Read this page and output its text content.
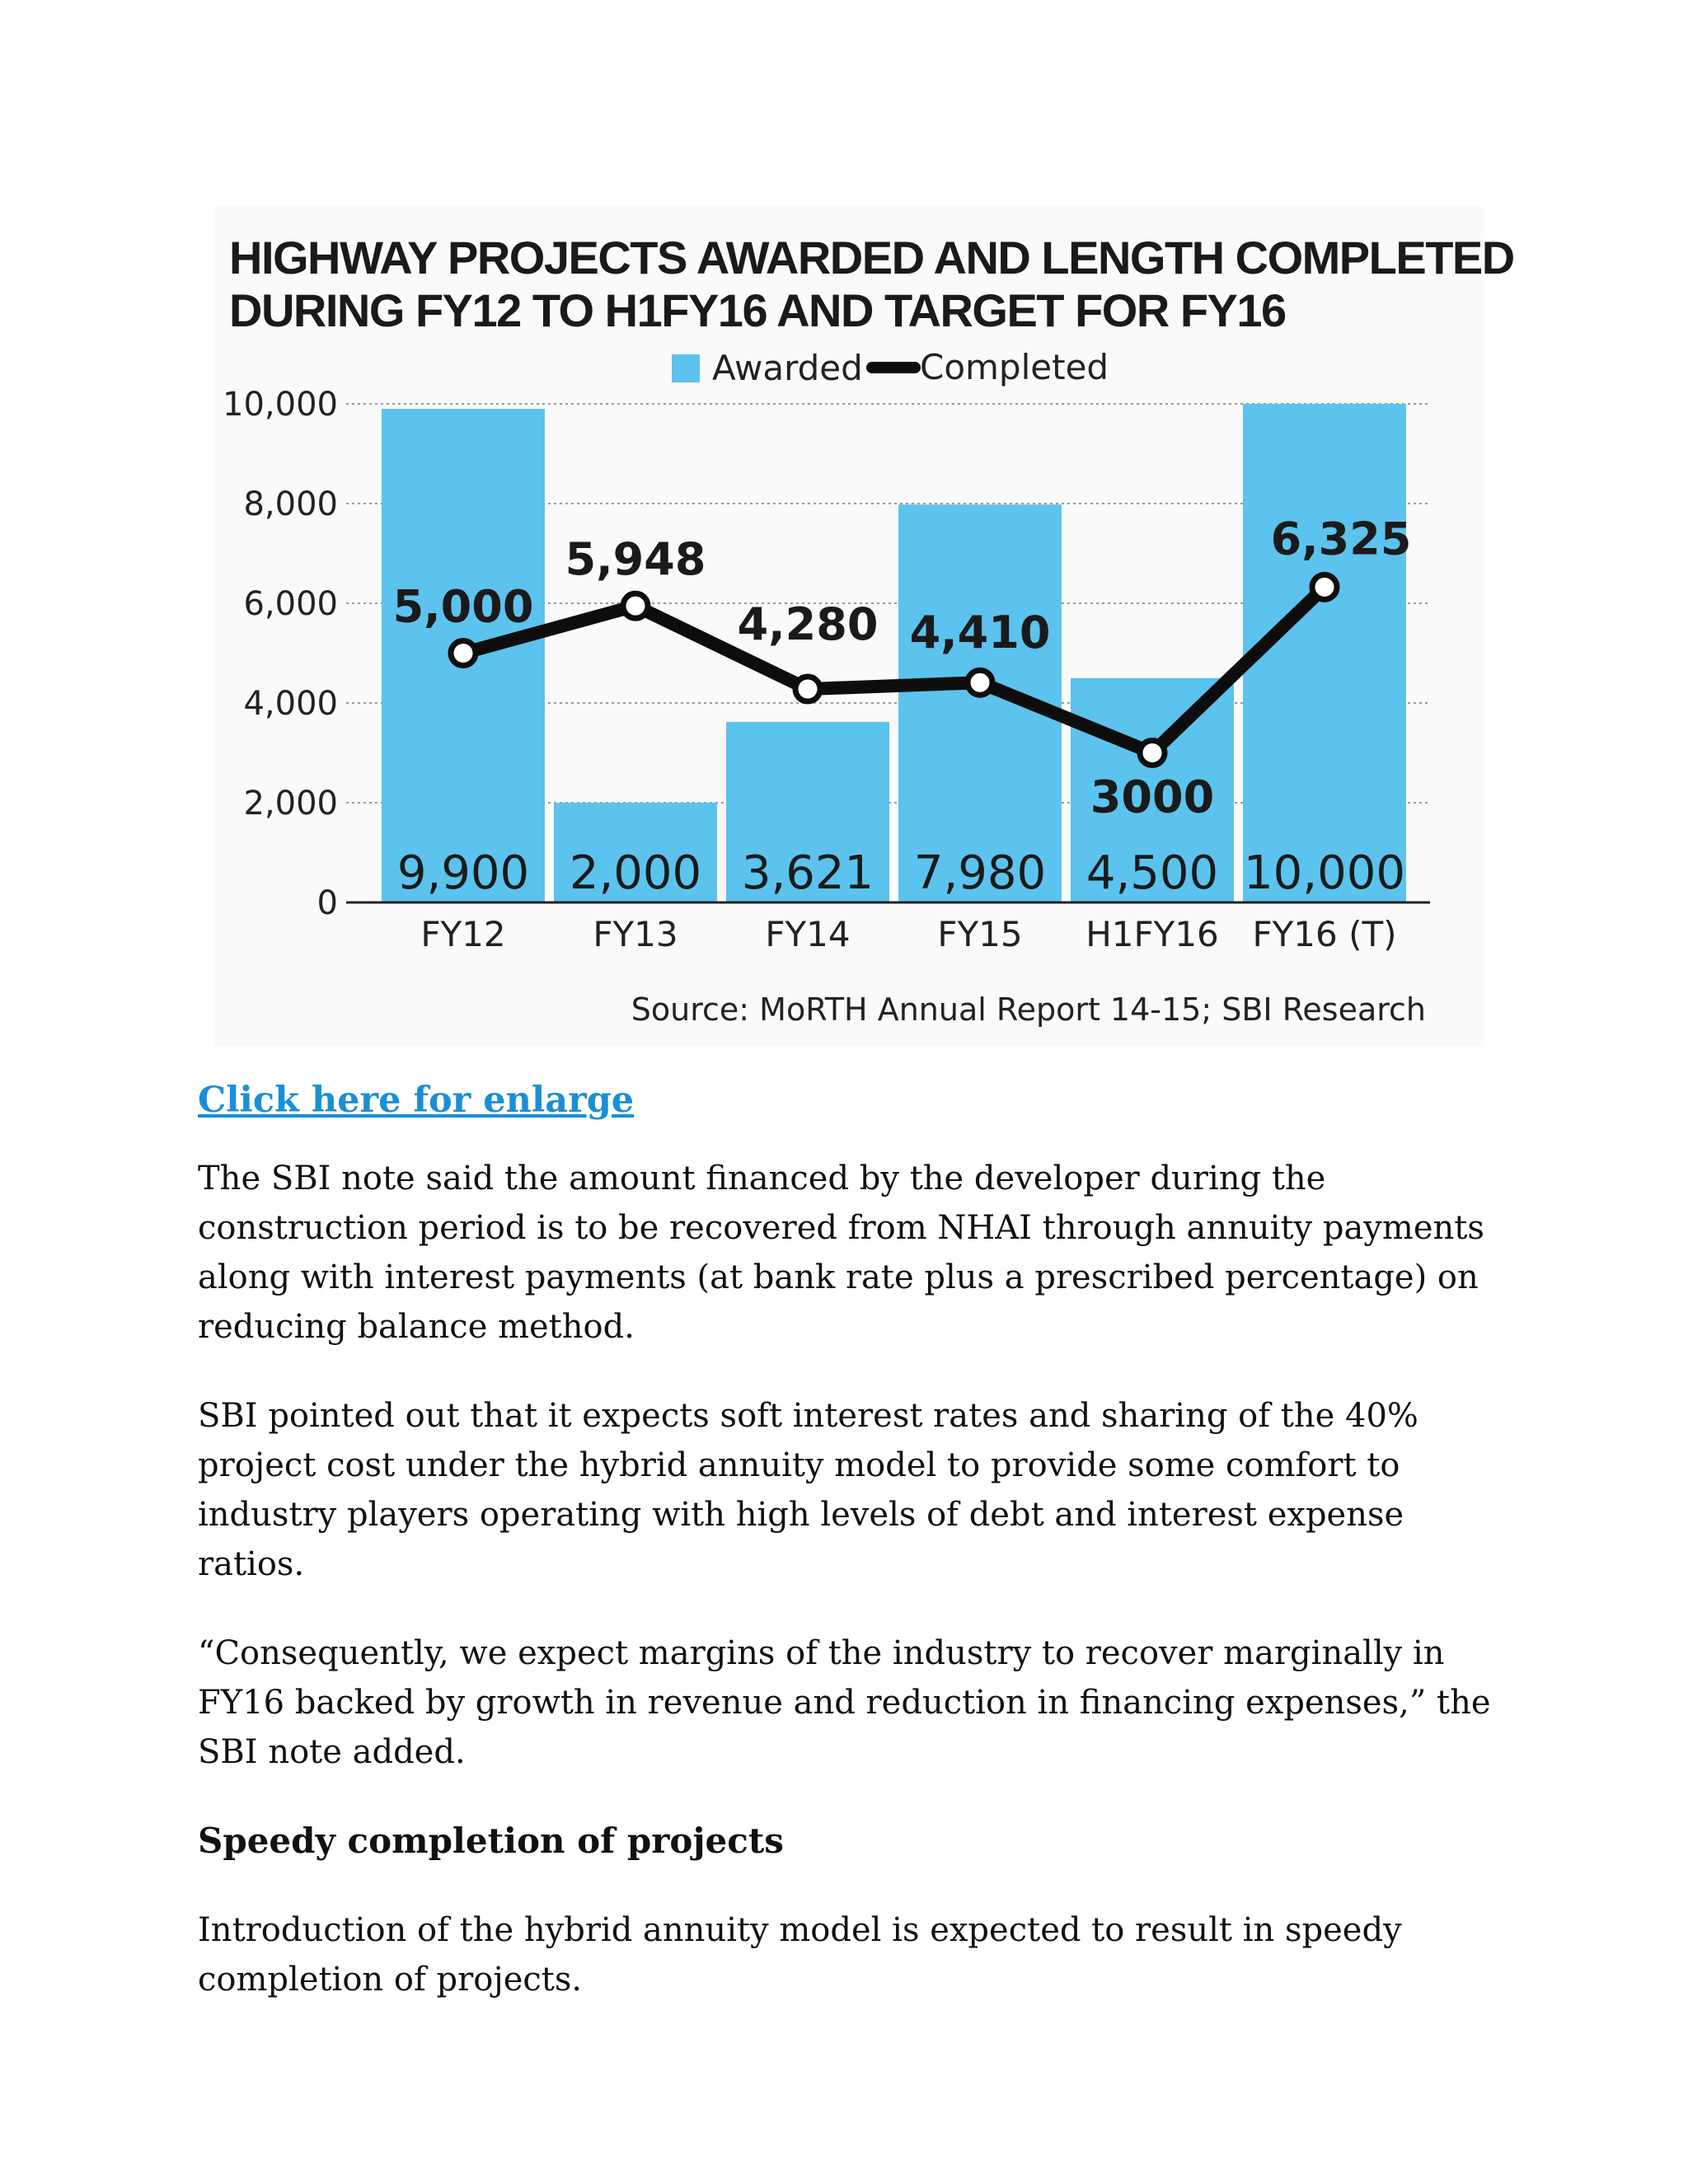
HIGHWAY PROJECTS AWARDED AND LENGTH COMPLETED
DURING FY12 TO H1FY16 AND TARGET FOR FY16
Awarded Completed
9,900 2,000 3,621 7,980 4,500 10,000
0
2,000
4,000
6,000
8,000
10,000
FY12	FY13	FY14	FY15 H1FY16 FY16 (T)
5,000
5,948
4,280 4,410
3000
6,325
Source: MoRTH Annual Report 14-15; SBI Research
Click here for enlarge

The SBI note said the amount financed by the developer during the construction period is to be recovered from NHAI through annuity payments along with interest payments (at bank rate plus a prescribed percentage) on reducing balance method.

SBI pointed out that it expects soft interest rates and sharing of the 40% project cost under the hybrid annuity model to provide some comfort to industry players operating with high levels of debt and interest expense ratios.

“Consequently, we expect margins of the industry to recover marginally in FY16 backed by growth in revenue and reduction in financing expenses,” the SBI note added.

Speedy completion of projects

Introduction of the hybrid annuity model is expected to result in speedy completion of projects.
